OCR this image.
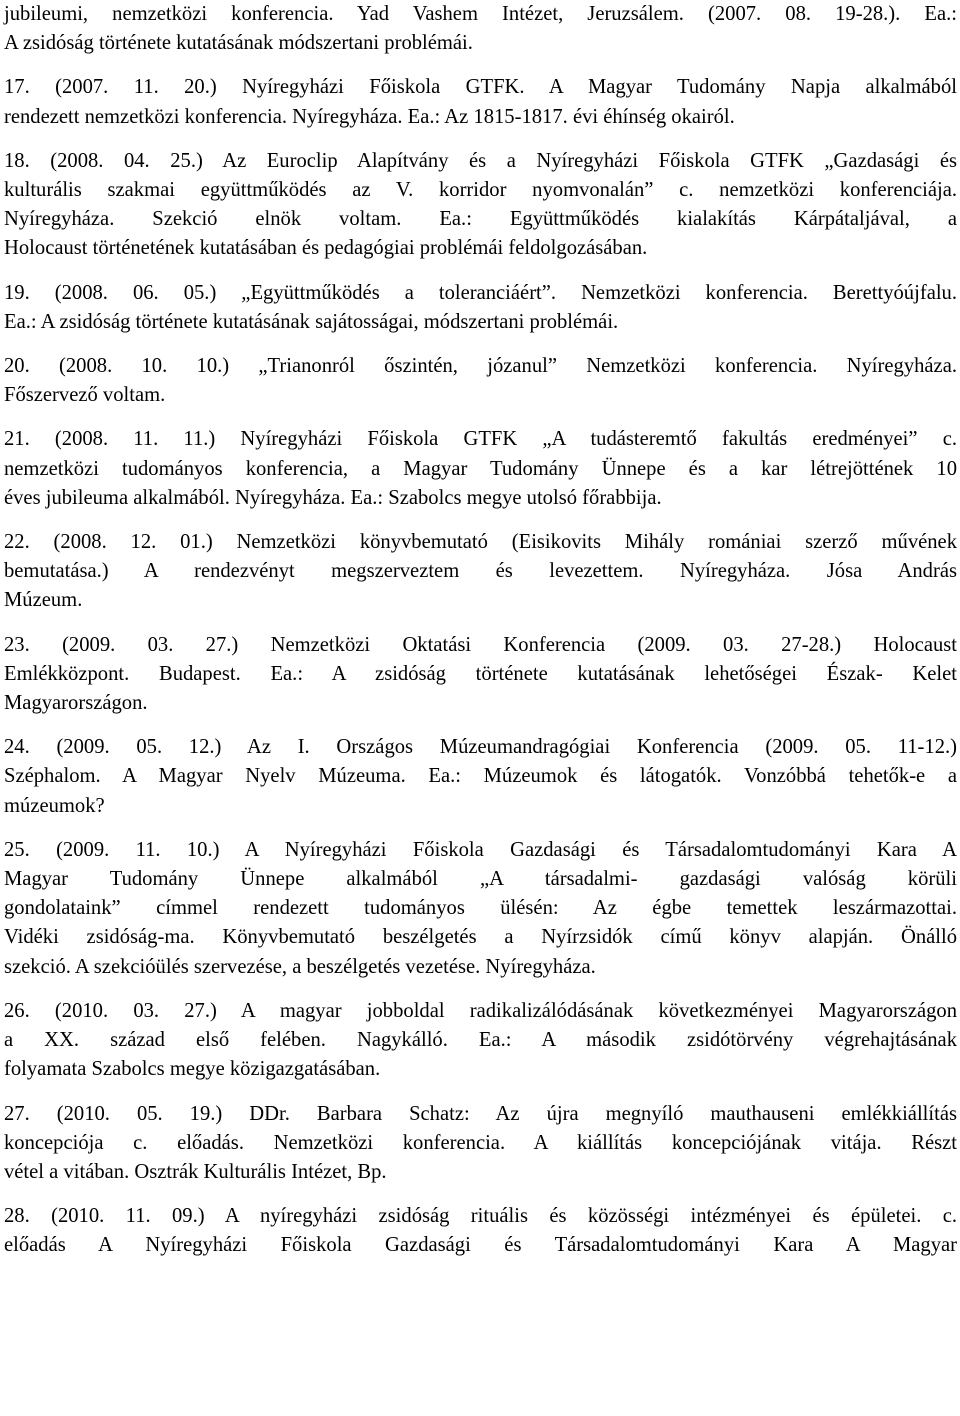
jubileumi, nemzetközi konferencia. Yad Vashem Intézet, Jeruzsálem. (2007. 08. 19-28.). Ea.:
A zsidóság története kutatásának módszertani problémái.
17. (2007. 11. 20.) Nyíregyházi Főiskola GTFK. A Magyar Tudomány Napja alkalmából
rendezett nemzetközi konferencia. Nyíregyháza. Ea.: Az 1815-1817. évi éhínség okairól.
18. (2008. 04. 25.) Az Euroclip Alapítvány és a Nyíregyházi Főiskola GTFK „Gazdasági és
kulturális szakmai együttműködés az V. korridor nyomvonalán” c. nemzetközi konferenciája.
Nyíregyháza. Szekció elnök voltam. Ea.: Együttműködés kialakítás Kárpátaljával, a
Holocaust történetének kutatásában és pedagógiai problémái feldolgozásában.
19. (2008. 06. 05.) „Együttműködés a toleranciáért”. Nemzetközi konferencia. Berettyóújfalu.
Ea.: A zsidóság története kutatásának sajátosságai, módszertani problémái.
20. (2008. 10. 10.) „Trianonról őszintén, józanul” Nemzetközi konferencia. Nyíregyháza.
Főszervező voltam.
21. (2008. 11. 11.) Nyíregyházi Főiskola GTFK „A tudásteremtő fakultás eredményei” c.
nemzetközi tudományos konferencia, a Magyar Tudomány Ünnepe és a kar létrejöttének 10
éves jubileuma alkalmából. Nyíregyháza. Ea.: Szabolcs megye utolsó főrabbija.
22. (2008. 12. 01.) Nemzetközi könyvbemutató (Eisikovits Mihály romániai szerző művének
bemutatása.) A rendezvényt megszerveztem és levezettem. Nyíregyháza. Jósa András
Múzeum.
23. (2009. 03. 27.) Nemzetközi Oktatási Konferencia (2009. 03. 27-28.) Holocaust
Emlékközpont. Budapest. Ea.: A zsidóság története kutatásának lehetőségei Észak- Kelet
Magyarországon.
24. (2009. 05. 12.) Az I. Országos Múzeumandragógiai Konferencia (2009. 05. 11-12.)
Széphalom. A Magyar Nyelv Múzeuma. Ea.: Múzeumok és látogatók. Vonzóbbá tehetők-e a
múzeumok?
25. (2009. 11. 10.) A Nyíregyházi Főiskola Gazdasági és Társadalomtudományi Kara A
Magyar Tudomány Ünnepe alkalmából „A társadalmi- gazdasági valóság körüli
gondolataink” címmel rendezett tudományos ülésén: Az égbe temettek leszármazottai.
Vidéki zsidóság-ma. Könyvbemutató beszélgetés a Nyírzsidók című könyv alapján. Önálló
szekció. A szekcióülés szervezése, a beszélgetés vezetése. Nyíregyháza.
26. (2010. 03. 27.) A magyar jobboldal radikalizálódásának következményei Magyarországon
a XX. század első felében. Nagykálló. Ea.: A második zsidótörvény végrehajtásának
folyamata Szabolcs megye közigazgatásában.
27. (2010. 05. 19.) DDr. Barbara Schatz: Az újra megnyíló mauthauseni emlékkiállítás
koncepciója c. előadás. Nemzetközi konferencia. A kiállítás koncepciójának vitája. Részt
vétel a vitában. Osztrák Kulturális Intézet, Bp.
28. (2010. 11. 09.) A nyíregyházi zsidóság rituális és közösségi intézményei és épületei. c.
előadás A Nyíregyházi Főiskola Gazdasági és Társadalomtudományi Kara A Magyar
